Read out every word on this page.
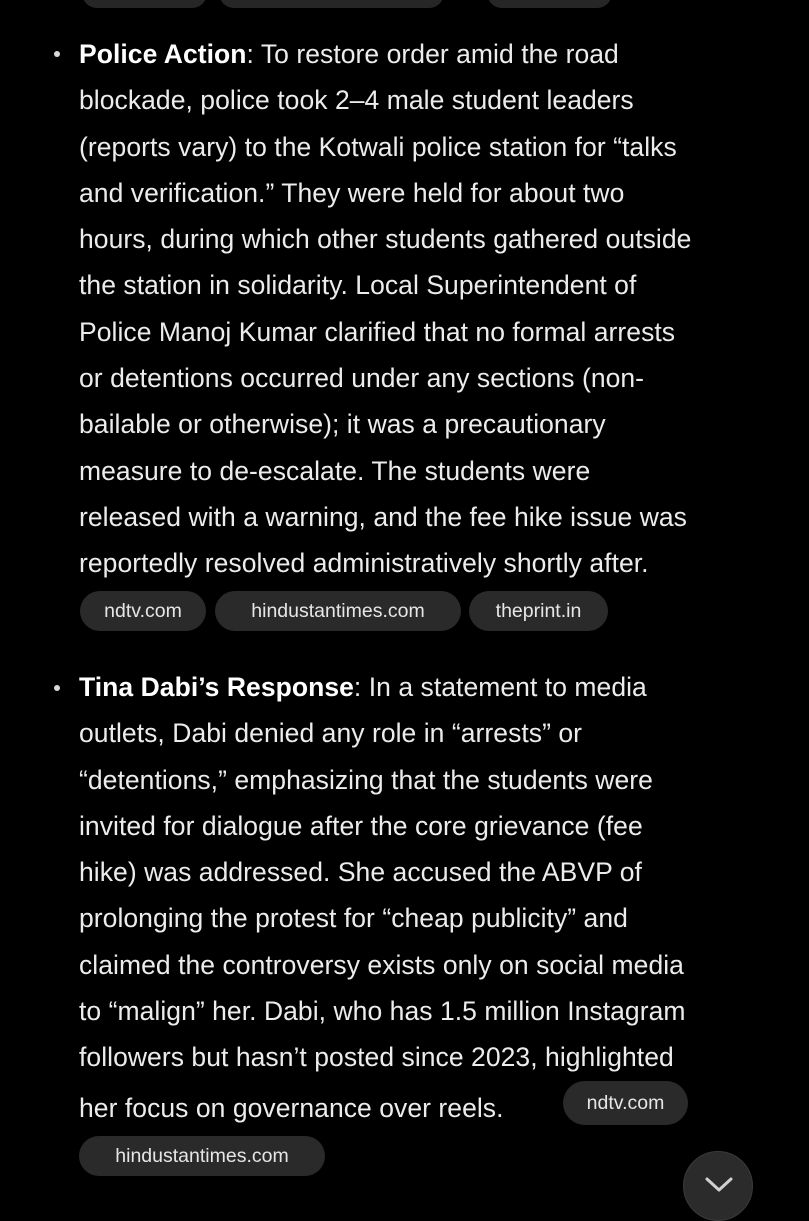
Police Action: To restore order amid the road
blockade, police took 2–4 male student leaders
(reports vary) to the Kotwali police station for “talks
and verification.” They were held for about two
hours, during which other students gathered outside
the station in solidarity. Local Superintendent of
Police Manoj Kumar clarified that no formal arrests
or detentions occurred under any sections (non-
bailable or otherwise); it was a precautionary
measure to de-escalate. The students were
released with a warning, and the fee hike issue was
reportedly resolved administratively shortly after.
ndtv.com	hindustantimes.com	theprint.in
Tina Dabi’s Response: In a statement to media
outlets, Dabi denied any role in “arrests” or
“detentions,” emphasizing that the students were
invited for dialogue after the core grievance (fee
hike) was addressed. She accused the ABVP of
prolonging the protest for “cheap publicity” and
claimed the controversy exists only on social media
to “malign” her. Dabi, who has 1.5 million Instagram
followers but hasn’t posted since 2023, highlighted
her focus on governance over reels.	ndtv.com
hindustantimes.com
